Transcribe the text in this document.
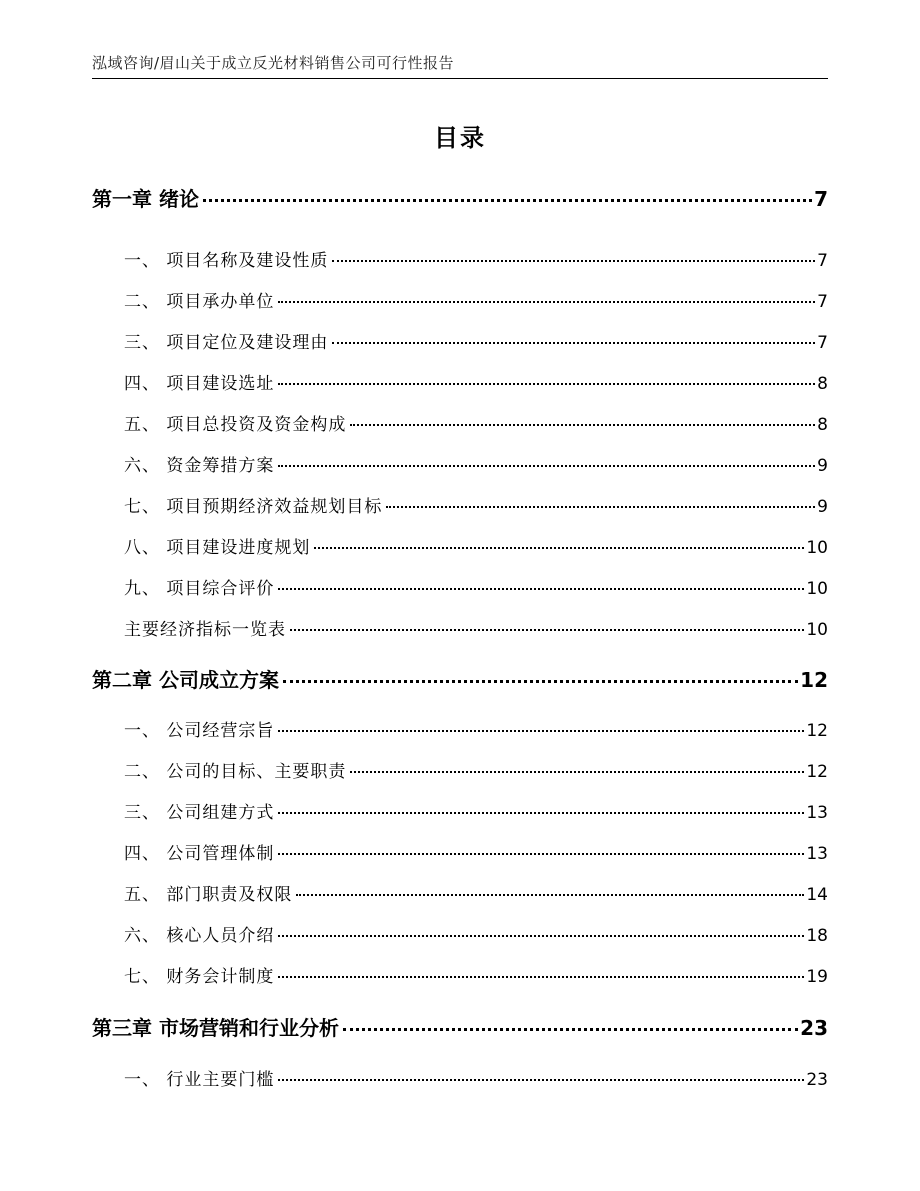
泓域咨询/眉山关于成立反光材料销售公司可行性报告
目录
第一章 绪论	7
一、 项目名称及建设性质	7
二、 项目承办单位	7
三、 项目定位及建设理由	7
四、 项目建设选址	8
五、 项目总投资及资金构成	8
六、 资金筹措方案	9
七、 项目预期经济效益规划目标	9
八、 项目建设进度规划	10
九、 项目综合评价	10
主要经济指标一览表	10
第二章 公司成立方案	12
一、 公司经营宗旨	12
二、 公司的目标、主要职责	12
三、 公司组建方式	13
四、 公司管理体制	13
五、 部门职责及权限	14
六、 核心人员介绍	18
七、 财务会计制度	19
第三章 市场营销和行业分析	23
一、 行业主要门槛	23
